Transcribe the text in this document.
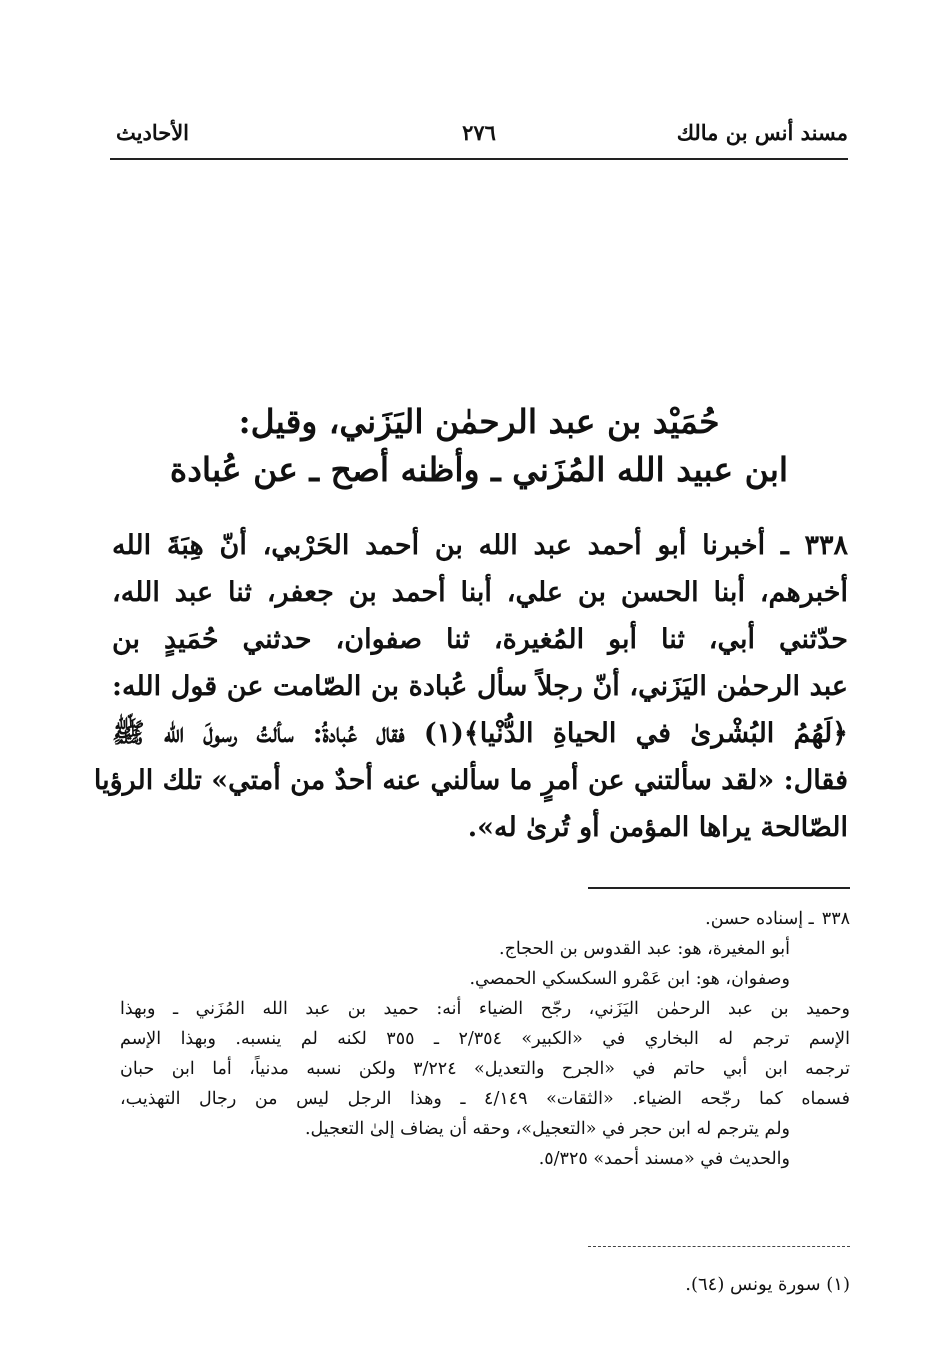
مسند أنس بن مالك
٢٧٦
الأحاديث
حُمَيْد بن عبد الرحمٰن اليَزَني، وقيل:
ابن عبيد الله المُزَني ـ وأظنه أصح ـ عن عُبادة
٣٣٨ ـ أخبرنا أبو أحمد عبد الله بن أحمد الحَرْبي، أنّ هِبَةَ الله
أخبرهم، أبنا الحسن بن علي، أبنا أحمد بن جعفر، ثنا عبد الله،
حدّثني أبي، ثنا أبو المُغيرة، ثنا صفوان، حدثني حُمَيدٍ بن
عبد الرحمٰن اليَزَني، أنّ رجلاً سأل عُبادة بن الصّامت عن قول الله:
﴿لَهُمُ البُشْرىٰ في الحياةِ الدُّنْيا﴾(١) فقال عُبادةُ: سألتُ رسولَ الله ﷺ
فقال: «لقد سألتني عن أمرٍ ما سألني عنه أحدٌ من أمتي» تلك الرؤيا
الصّالحة يراها المؤمن أو تُرىٰ له».
٣٣٨ـ إسناده حسن.
أبو المغيرة، هو: عبد القدوس بن الحجاج.
وصفوان، هو: ابن عَمْرو السكسكي الحمصي.
وحميد بن عبد الرحمٰن اليَزَني، رجّح الضياء أنه: حميد بن عبد الله المُزَني ـ وبهذا
الإسم ترجم له البخاري في «الكبير» ٢/٣٥٤ ـ ٣٥٥ لكنه لم ينسبه. وبهذا الإسم
ترجمه ابن أبي حاتم في «الجرح والتعديل» ٣/٢٢٤ ولكن نسبه مدنياً، أما ابن حبان
فسماه كما رجّحه الضياء. «الثقات» ٤/١٤٩ ـ وهذا الرجل ليس من رجال التهذيب،
ولم يترجم له ابن حجر في «التعجيل»، وحقه أن يضاف إلىٰ التعجيل.
والحديث في «مسند أحمد» ٥/٣٢٥.
(١) سورة يونس (٦٤).
